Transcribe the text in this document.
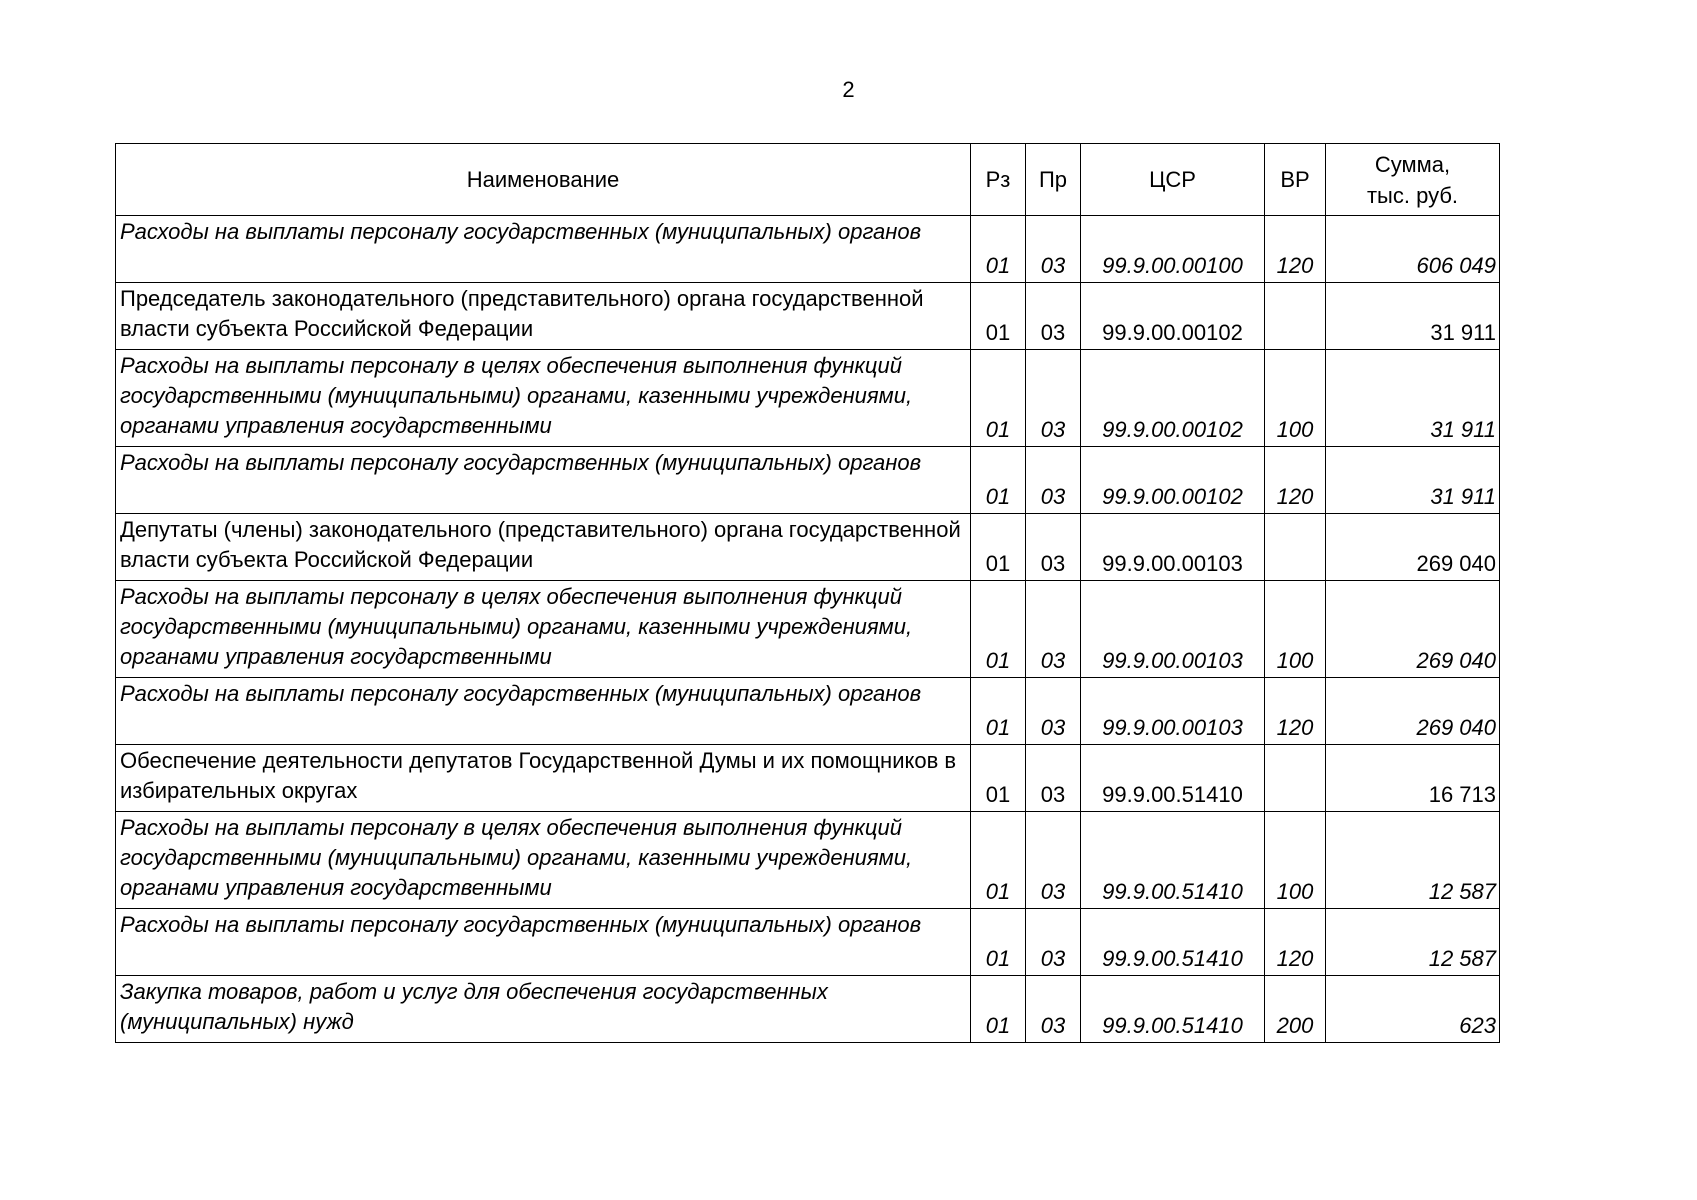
2
Наименование	Рз	Пр	ЦСР	ВР	Сумма,
тыс. руб.

Расходы на выплаты персоналу государственных (муниципальных) органов	01	03	99.9.00.00100	120	606 049

Председатель законодательного (представительного) органа государственной власти субъекта Российской Федерации	01	03	99.9.00.00102		31 911

Расходы на выплаты персоналу в целях обеспечения выполнения функций государственными (муниципальными) органами, казенными учреждениями, органами управления государственными	01	03	99.9.00.00102	100	31 911

Расходы на выплаты персоналу государственных (муниципальных) органов	01	03	99.9.00.00102	120	31 911

Депутаты (члены) законодательного (представительного) органа государственной власти субъекта Российской Федерации	01	03	99.9.00.00103		269 040

Расходы на выплаты персоналу в целях обеспечения выполнения функций государственными (муниципальными) органами, казенными учреждениями, органами управления государственными	01	03	99.9.00.00103	100	269 040

Расходы на выплаты персоналу государственных (муниципальных) органов	01	03	99.9.00.00103	120	269 040

Обеспечение деятельности депутатов Государственной Думы и их помощников в избирательных округах	01	03	99.9.00.51410		16 713

Расходы на выплаты персоналу в целях обеспечения выполнения функций государственными (муниципальными) органами, казенными учреждениями, органами управления государственными	01	03	99.9.00.51410	100	12 587

Расходы на выплаты персоналу государственных (муниципальных) органов	01	03	99.9.00.51410	120	12 587

Закупка товаров, работ и услуг для обеспечения государственных (муниципальных) нужд	01	03	99.9.00.51410	200	623
